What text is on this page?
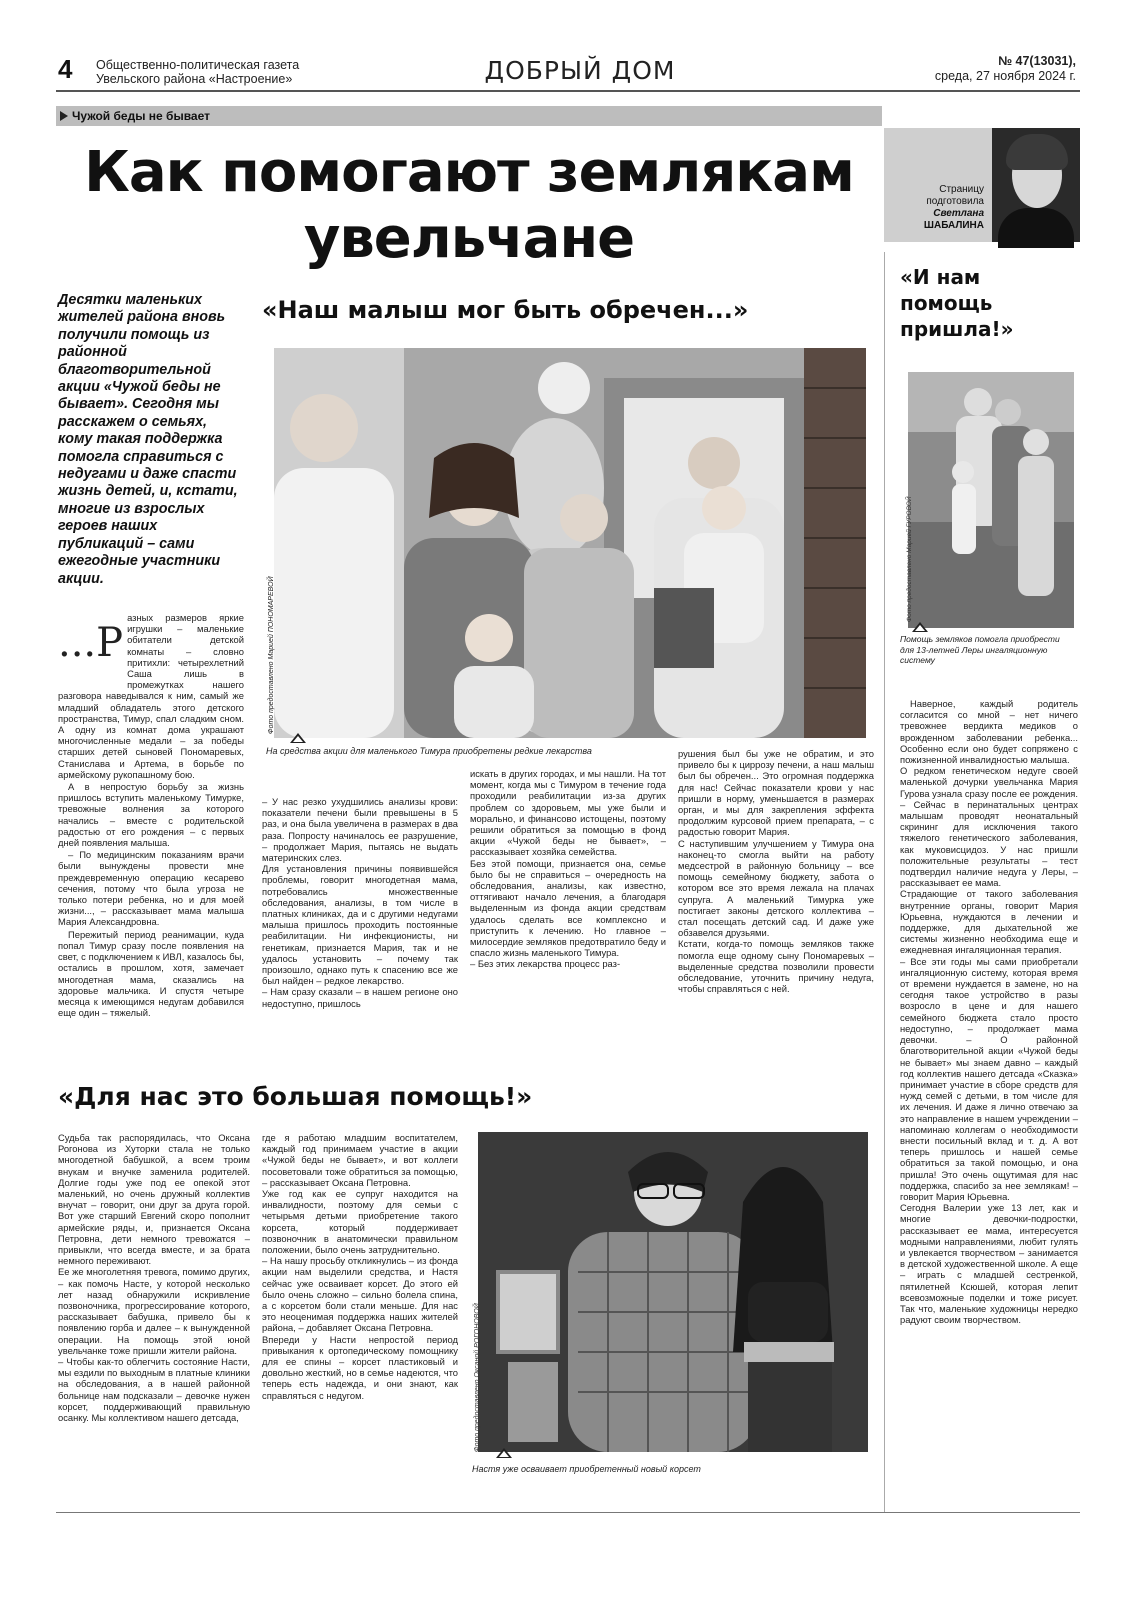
4 Общественно-политическая газета
Увельского района «Настроение»	ДОБРЫЙ ДОМ	№ 47(13031),
среда, 27 ноября 2024 г.
Чужой беды не бывает
Как помогают землякам
увельчане
Страницу
подготовила
Светлана
ШАБАЛИНА
Десятки маленьких жителей района вновь получили помощь из районной благотворительной акции «Чужой беды не бывает». Сегодня мы расскажем о семьях, кому такая поддержка помогла справиться с недугами и даже спасти жизнь детей, и, кстати, многие из взрослых героев наших публикаций – сами ежегодные участники акции.
«Наш малыш мог быть обречен...»
Фото предоставлено Марией ПОНОМАРЕВОЙ
На средства акции для маленького Тимура приобретены редкие лекарства
...Р

азных размеров яркие игрушки – маленькие обитатели детской комнаты – словно притихли: четырехлетний Саша лишь в промежутках нашего разговора наведывался к ним, самый же младший обладатель этого детского пространства, Тимур, спал сладким сном. А одну из комнат дома украшают многочисленные медали – за победы старших детей сыновей Пономаревых, Станислава и Артема, в борьбе по армейскому рукопашному бою.

А в непростую борьбу за жизнь пришлось вступить маленькому Тимурке, тревожные волнения за которого начались – вместе с родительской радостью от его рождения – с первых дней появления малыша.

– По медицинским показаниям врачи были вынуждены провести мне преждевременную операцию кесарево сечения, потому что была угроза не только потери ребенка, но и для моей жизни..., – рассказывает мама малыша Мария Александровна.

Пережитый период реанимации, куда попал Тимур сразу после появления на свет, с подключением к ИВЛ, казалось бы, остались в прошлом, хотя, замечает многодетная мама, сказались на здоровье мальчика. И спустя четыре месяца к имеющимся недугам добавился еще один – тяжелый.

– У нас резко ухудшились анализы крови: показатели печени были превышены в 5 раз, и она была увеличена в размерах в два раза. Попросту начиналось ее разрушение, – продолжает Мария, пытаясь не выдать материнских слез.
Для установления причины появившейся проблемы, говорит многодетная мама, потребовались множественные обследования, анализы, в том числе в платных клиниках, да и с другими недугами малыша пришлось проходить постоянные реабилитации. Ни инфекционисты, ни генетикам, признается Мария, так и не удалось установить – почему так произошло, однако путь к спасению все же был найден – редкое лекарство.
– Нам сразу сказали – в нашем регионе оно недоступно, пришлось
искать в других городах, и мы нашли. На тот момент, когда мы с Тимуром в течение года проходили реабилитации из-за других проблем со здоровьем, мы уже были и морально, и финансово истощены, поэтому решили обратиться за помощью в фонд акции «Чужой беды не бывает», – рассказывает хозяйка семейства.
Без этой помощи, признается она, семье было бы не справиться – очередность на обследования, анализы, как известно, оттягивают начало лечения, а благодаря выделенным из фонда акции средствам удалось сделать все комплексно и приступить к лечению. Но главное – милосердие земляков предотвратило беду и спасло жизнь маленького Тимура.
– Без этих лекарства процесс раз-
рушения был бы уже не обратим, и это привело бы к циррозу печени, а наш малыш был бы обречен... Это огромная поддержка для нас! Сейчас показатели крови у нас пришли в норму, уменьшается в размерах орган, и мы для закрепления эффекта продолжим курсовой прием препарата, – с радостью говорит Мария.
С наступившим улучшением у Тимура она наконец-то смогла выйти на работу медсестрой в районную больницу – все помощь семейному бюджету, забота о котором все это время лежала на плачах супруга. А маленький Тимурка уже постигает законы детского коллектива – стал посещать детский сад. И даже уже обзавелся друзьями.
Кстати, когда-то помощь земляков также помогла еще одному сыну Пономаревых – выделенные средства позволили провести обследование, уточнить причину недуга, чтобы справляться с ней.
«И нам помощь пришла!»
Фото предоставлено Марией ГУРОВОЙ
Помощь земляков помогла приобрести для 13-летней Леры ингаляционную систему
Наверное, каждый родитель согласится со мной – нет ничего тревожнее вердикта медиков о врожденном заболевании ребенка... Особенно если оно будет сопряжено с пожизненной инвалидностью малыша.
О редком генетическом недуге своей маленькой дочурки увельчанка Мария Гурова узнала сразу после ее рождения.
– Сейчас в перинатальных центрах малышам проводят неонатальный скрининг для исключения такого тяжелого генетического заболевания, как муковисцидоз. У нас пришли положительные результаты – тест подтвердил наличие недуга у Леры, – рассказывает ее мама.
Страдающие от такого заболевания внутренние органы, говорит Мария Юрьевна, нуждаются в лечении и поддержке, для дыхательной же системы жизненно необходима еще и ежедневная ингаляционная терапия.
– Все эти годы мы сами приобретали ингаляционную систему, которая время от времени нуждается в замене, но на сегодня такое устройство в разы возросло в цене и для нашего семейного бюджета стало просто недоступно, – продолжает мама девочки. – О районной благотворительной акции «Чужой беды не бывает» мы знаем давно – каждый год коллектив нашего детсада «Сказка» принимает участие в сборе средств для нужд семей с детьми, в том числе для их лечения. И даже я лично отвечаю за это направление в нашем учреждении – напоминаю коллегам о необходимости внести посильный вклад и т. д. А вот теперь пришлось и нашей семье обратиться за такой помощью, и она пришла! Это очень ощутимая для нас поддержка, спасибо за нее землякам! – говорит Мария Юрьевна.
Сегодня Валерии уже 13 лет, как и многие девочки-подростки, рассказывает ее мама, интересуется модными направлениями, любит гулять и увлекается творчеством – занимается в детской художественной школе. А еще – играть с младшей сестренкой, пятилетней Ксюшей, которая лепит всевозможные поделки и тоже рисует. Так что, маленькие художницы нередко радуют своим творчеством.
«Для нас это большая помощь!»
Судьба так распорядилась, что Оксана Рогонова из Хуторки стала не только многодетной бабушкой, а всем троим внукам и внучке заменила родителей. Долгие годы уже под ее опекой этот маленький, но очень дружный коллектив внучат – говорит, они друг за друга горой. Вот уже старший Евгений скоро пополнит армейские ряды, и, признается Оксана Петровна, дети немного тревожатся – привыкли, что всегда вместе, и за брата немного переживают.
Ее же многолетняя тревога, помимо других, – как помочь Насте, у которой несколько лет назад обнаружили искривление позвоночника, прогрессирование которого, рассказывает бабушка, привело бы к появлению горба и далее – к вынужденной операции. На помощь этой юной увельчанке тоже пришли жители района.
– Чтобы как-то облегчить состояние Насти, мы ездили по выходным в платные клиники на обследования, а в нашей районной больнице нам подсказали – девочке нужен корсет, поддерживающий правильную осанку. Мы коллективом нашего детсада,
где я работаю младшим воспитателем, каждый год принимаем участие в акции «Чужой беды не бывает», и вот коллеги посоветовали тоже обратиться за помощью, – рассказывает Оксана Петровна.
Уже год как ее супруг находится на инвалидности, поэтому для семьи с четырьмя детьми приобретение такого корсета, который поддерживает позвоночник в анатомически правильном положении, было очень затруднительно.
– На нашу просьбу откликнулись – из фонда акции нам выделили средства, и Настя сейчас уже осваивает корсет. До этого ей было очень сложно – сильно болела спина, а с корсетом боли стали меньше. Для нас это неоценимая поддержка наших жителей района, – добавляет Оксана Петровна.
Впереди у Насти непростой период привыкания к ортопедическому помощнику для ее спины – корсет пластиковый и довольно жесткий, но в семье надеются, что теперь есть надежда, и они знают, как справляться с недугом.	Фото предоставлено Оксаной РОГОНОВОЙ
Настя уже осваивает приобретенный новый корсет
